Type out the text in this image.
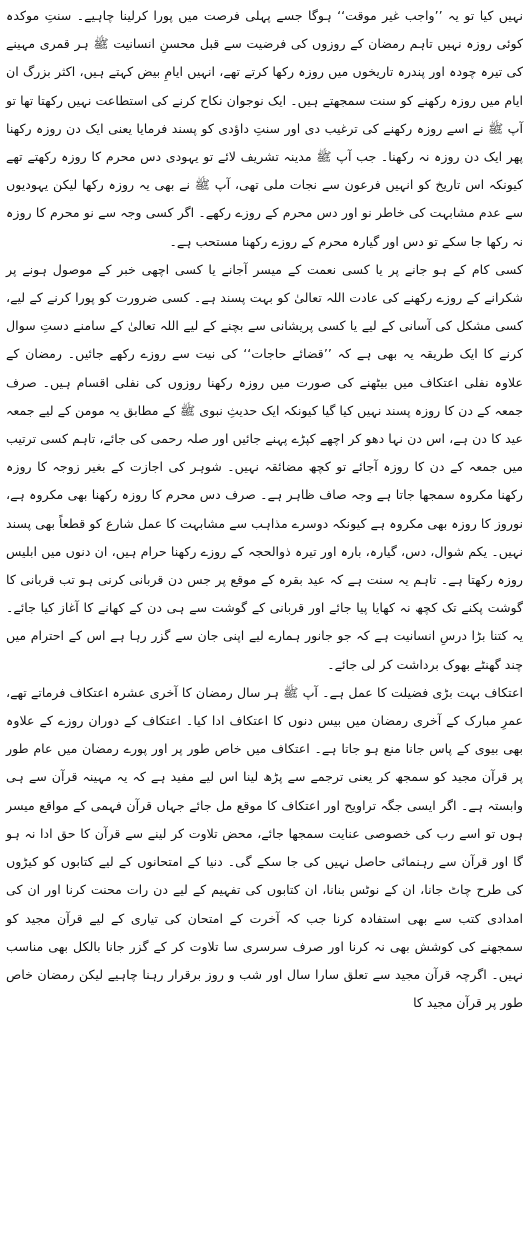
نہیں کیا تو یہ ’’واجب غیر موقت‘‘ ہوگا جسے پہلی فرصت میں پورا کرلینا چاہیے۔ سنتِ موکدہ کوئی روزہ نہیں تاہم رمضان کے روزوں کی فرضیت سے قبل محسنِ انسانیت ﷺ ہر قمری مہینے کی تیرہ چودہ اور پندرہ تاریخوں میں روزہ رکھا کرتے تھے، انہیں ایامِ بیض کہتے ہیں، اکثر بزرگ ان ایام میں روزہ رکھنے کو سنت سمجھتے ہیں۔ ایک نوجوان نکاح کرنے کی استطاعت نہیں رکھتا تھا تو آپ ﷺ نے اسے روزہ رکھنے کی ترغیب دی اور سنتِ داؤدی کو پسند فرمایا یعنی ایک دن روزہ رکھنا پھر ایک دن روزہ نہ رکھنا۔ جب آپ ﷺ مدینہ تشریف لائے تو یہودی دس محرم کا روزہ رکھتے تھے کیونکہ اس تاریخ کو انہیں فرعون سے نجات ملی تھی، آپ ﷺ نے بھی یہ روزہ رکھا لیکن یہودیوں سے عدم مشابہت کی خاطر نو اور دس محرم کے روزے رکھے۔ اگر کسی وجہ سے نو محرم کا روزہ نہ رکھا جا سکے تو دس اور گیارہ محرم کے روزے رکھنا مستحب ہے۔

کسی کام کے ہو جانے پر یا کسی نعمت کے میسر آجانے یا کسی اچھی خبر کے موصول ہونے پر شکرانے کے روزے رکھنے کی عادت اللہ تعالیٰ کو بہت پسند ہے۔ کسی ضرورت کو پورا کرنے کے لیے، کسی مشکل کی آسانی کے لیے یا کسی پریشانی سے بچنے کے لیے اللہ تعالیٰ کے سامنے دستِ سوال کرنے کا ایک طریقہ یہ بھی ہے کہ ’’قضائے حاجات‘‘ کی نیت سے روزے رکھے جائیں۔ رمضان کے علاوہ نفلی اعتکاف میں بیٹھنے کی صورت میں روزہ رکھنا روزوں کی نفلی اقسام ہیں۔ صرف جمعہ کے دن کا روزہ پسند نہیں کیا گیا کیونکہ ایک حدیثِ نبوی ﷺ کے مطابق یہ مومن کے لیے جمعہ عید کا دن ہے، اس دن نہا دھو کر اچھے کپڑے پہنے جائیں اور صلہ رحمی کی جائے، تاہم کسی ترتیب میں جمعہ کے دن کا روزہ آجائے تو کچھ مضائقہ نہیں۔ شوہر کی اجازت کے بغیر زوجہ کا روزہ رکھنا مکروہ سمجھا جاتا ہے وجہ صاف ظاہر ہے۔ صرف دس محرم کا روزہ رکھنا بھی مکروہ ہے، نوروز کا روزہ بھی مکروہ ہے کیونکہ دوسرے مذاہب سے مشابہت کا عمل شارع کو قطعاً بھی پسند نہیں۔ یکم شوال، دس، گیارہ، بارہ اور تیرہ ذوالحجہ کے روزے رکھنا حرام ہیں، ان دنوں میں ابلیس روزہ رکھتا ہے۔ تاہم یہ سنت ہے کہ عید بقرہ کے موقع پر جس دن قربانی کرنی ہو تب قربانی کا گوشت پکنے تک کچھ نہ کھایا پیا جائے اور قربانی کے گوشت سے ہی دن کے کھانے کا آغاز کیا جائے۔ یہ کتنا بڑا درسِ انسانیت ہے کہ جو جانور ہمارے لیے اپنی جان سے گزر رہا ہے اس کے احترام میں چند گھنٹے بھوک برداشت کر لی جائے۔

اعتکاف بہت بڑی فضیلت کا عمل ہے۔ آپ ﷺ ہر سال رمضان کا آخری عشرہ اعتکاف فرماتے تھے، عمرِ مبارک کے آخری رمضان میں بیس دنوں کا اعتکاف ادا کیا۔ اعتکاف کے دوران روزے کے علاوہ بھی بیوی کے پاس جانا منع ہو جاتا ہے۔ اعتکاف میں خاص طور پر اور پورے رمضان میں عام طور پر قرآن مجید کو سمجھ کر یعنی ترجمے سے پڑھ لینا اس لیے مفید ہے کہ یہ مہینہ قرآن سے ہی وابستہ ہے۔ اگر ایسی جگہ تراویح اور اعتکاف کا موقع مل جائے جہاں قرآن فہمی کے مواقع میسر ہوں تو اسے رب کی خصوصی عنایت سمجھا جائے، محض تلاوت کر لینے سے قرآن کا حق ادا نہ ہو گا اور قرآن سے رہنمائی حاصل نہیں کی جا سکے گی۔ دنیا کے امتحانوں کے لیے کتابوں کو کیڑوں کی طرح چاٹ جانا، ان کے نوٹس بنانا، ان کتابوں کی تفہیم کے لیے دن رات محنت کرنا اور ان کی امدادی کتب سے بھی استفادہ کرنا جب کہ آخرت کے امتحان کی تیاری کے لیے قرآن مجید کو سمجھنے کی کوشش بھی نہ کرنا اور صرف سرسری سا تلاوت کر کے گزر جانا بالکل بھی مناسب نہیں۔ اگرچہ قرآن مجید سے تعلق سارا سال اور شب و روز برقرار رہنا چاہیے لیکن رمضان خاص طور پر قرآن مجید کا
